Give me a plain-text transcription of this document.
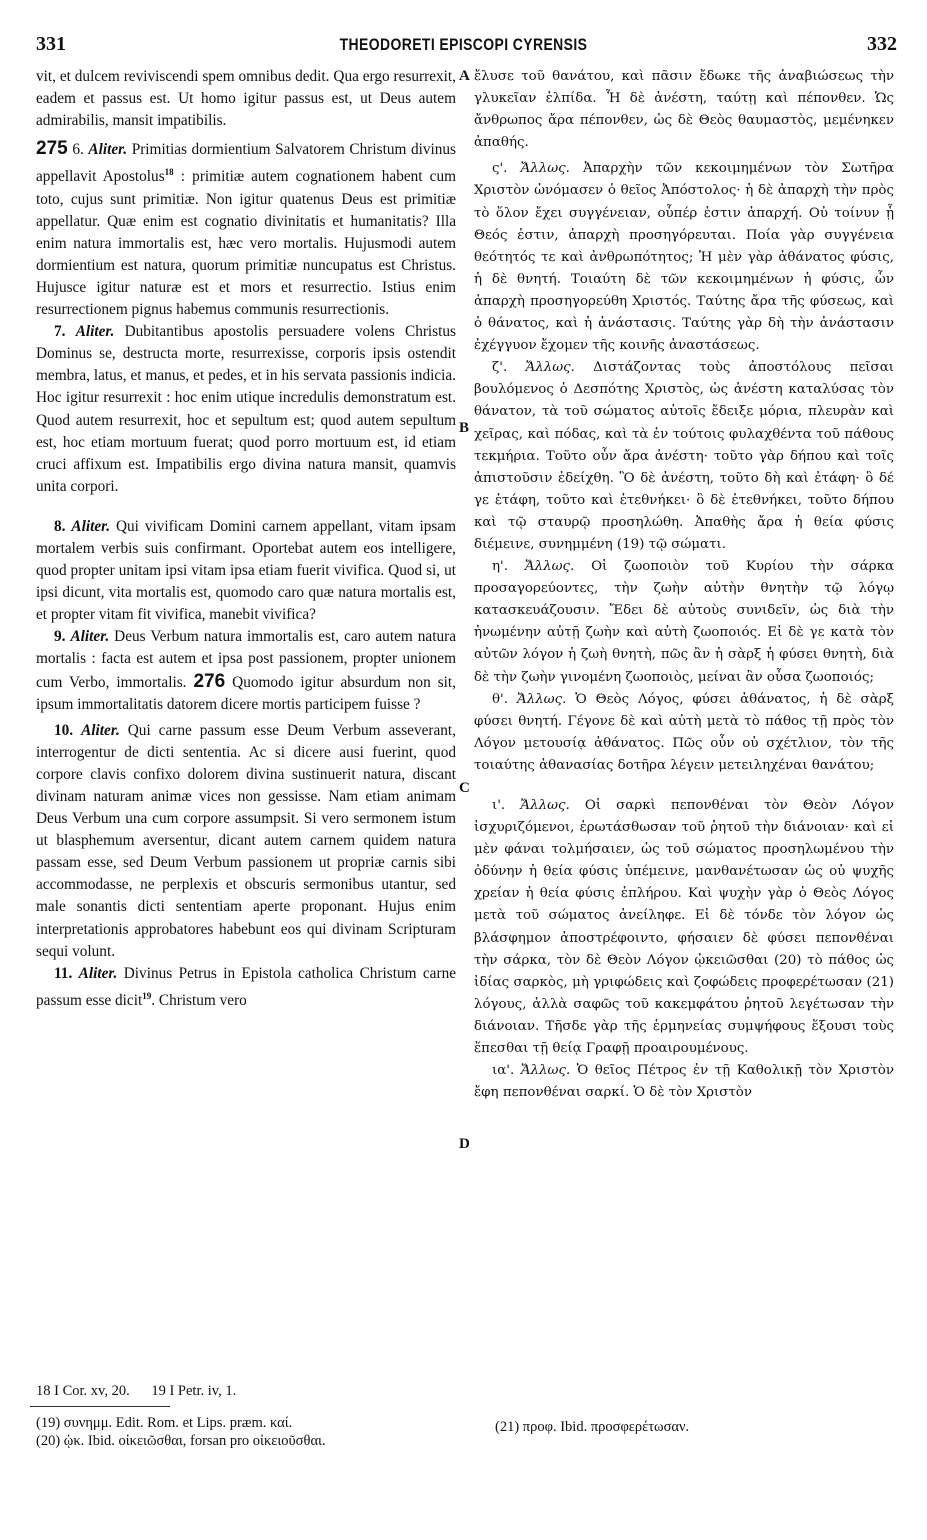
331	THEODORETI EPISCOPI CYRENSIS	332

vit, et dulcem reviviscendi spem omnibus dedit. Qua ergo resurrexit, eadem et passus est. Ut homo igitur passus est, ut Deus autem admirabilis, mansit impatibilis.

275 6. Aliter. Primitias dormientium Salvatorem Christum divinus appellavit Apostolus$^{18}$ : primitiæ autem cognationem habent cum toto, cujus sunt primitiæ. Non igitur quatenus Deus est primitiæ appellatur. Quæ enim est cognatio divinitatis et humanitatis? Illa enim natura immortalis est, hæc vero mortalis. Hujusmodi autem dormientium est natura, quorum primitiæ nuncupatus est Christus. Hujusce igitur naturæ est et mors et resurrectio. Istius enim resurrectionem pignus habemus communis resurrectionis.

7. Aliter. Dubitantibus apostolis persuadere volens Christus Dominus se, destructa morte, resurrexisse, corporis ipsis ostendit membra, latus, et manus, et pedes, et in his servata passionis indicia. Hoc igitur resurrexit : hoc enim utique incredulis demonstratum est. Quod autem resurrexit, hoc et sepultum est; quod autem sepultum est, hoc etiam mortuum fuerat; quod porro mortuum est, id etiam cruci affixum est. Impatibilis ergo divina natura mansit, quamvis unita corpori.

8. Aliter. Qui vivificam Domini carnem appellant, vitam ipsam mortalem verbis suis confirmant. Oportebat autem eos intelligere, quod propter unitam ipsi vitam ipsa etiam fuerit vivifica. Quod si, ut ipsi dicunt, vita mortalis est, quomodo caro quæ natura mortalis est, et propter vitam fit vivifica, manebit vivifica?

9. Aliter. Deus Verbum natura immortalis est, caro autem natura mortalis : facta est autem et ipsa post passionem, propter unionem cum Verbo, immortalis. 276 Quomodo igitur absurdum non sit, ipsum immortalitatis datorem dicere mortis participem fuisse ?

10. Aliter. Qui carne passum esse Deum Verbum asseverant, interrogentur de dicti sententia. Ac si dicere ausi fuerint, quod corpore clavis confixo dolorem divina sustinuerit natura, discant divinam naturam animæ vices non gessisse. Nam etiam animam Deus Verbum una cum corpore assumpsit. Si vero sermonem istum ut blasphemum aversentur, dicant autem carnem quidem natura passam esse, sed Deum Verbum passionem ut propriæ carnis sibi accommodasse, ne perplexis et obscuris sermonibus utantur, sed male sonantis dicti sententiam aperte proponant. Hujus enim interpretationis approbatores habebunt eos qui divinam Scripturam sequi volunt.

11. Aliter. Divinus Petrus in Epistola catholica Christum carne passum esse dicit$^{19}$. Christum vero

A
B
C
D

ἔλυσε τοῦ θανάτου, καὶ πᾶσιν ἔδωκε τῆς ἀναβιώσεως τὴν γλυκεῖαν ἐλπίδα. Ἧ δὲ ἀνέστη, ταύτῃ καὶ πέπονθεν. Ὡς ἄνθρωπος ἄρα πέπονθεν, ὡς δὲ Θεὸς θαυμαστὸς, μεμένηκεν ἀπαθής.

ς'. Ἄλλως. Ἀπαρχὴν τῶν κεκοιμημένων τὸν Σωτῆρα Χριστὸν ὠνόμασεν ὁ θεῖος Ἀπόστολος· ἡ δὲ ἀπαρχὴ τὴν πρὸς τὸ ὅλον ἔχει συγγένειαν, οὗπέρ ἐστιν ἀπαρχή. Οὐ τοίνυν ᾗ Θεός ἐστιν, ἀπαρχὴ προσηγόρευται. Ποία γὰρ συγγένεια θεότητός τε καὶ ἀνθρωπότητος; Ἡ μὲν γὰρ ἀθάνατος φύσις, ἡ δὲ θνητή. Τοιαύτη δὲ τῶν κεκοιμημένων ἡ φύσις, ὧν ἀπαρχὴ προσηγορεύθη Χριστός. Ταύτης ἄρα τῆς φύσεως, καὶ ὁ θάνατος, καὶ ἡ ἀνάστασις. Ταύτης γὰρ δὴ τὴν ἀνάστασιν ἐχέγγυον ἔχομεν τῆς κοινῆς ἀναστάσεως.

ζ'. Ἄλλως. Διστάζοντας τοὺς ἀποστόλους πεῖσαι βουλόμενος ὁ Δεσπότης Χριστὸς, ὡς ἀνέστη καταλύσας τὸν θάνατον, τὰ τοῦ σώματος αὐτοῖς ἔδειξε μόρια, πλευρὰν καὶ χεῖρας, καὶ πόδας, καὶ τὰ ἐν τούτοις φυλαχθέντα τοῦ πάθους τεκμήρια. Τοῦτο οὖν ἄρα ἀνέστη· τοῦτο γὰρ δήπου καὶ τοῖς ἀπιστοῦσιν ἐδείχθη. Ὃ δὲ ἀνέστη, τοῦτο δὴ καὶ ἐτάφη· ὃ δέ γε ἐτάφη, τοῦτο καὶ ἐτεθνήκει· ὃ δὲ ἐτεθνήκει, τοῦτο δήπου καὶ τῷ σταυρῷ προσηλώθη. Ἀπαθὴς ἄρα ἡ θεία φύσις διέμεινε, συνημμένη (19) τῷ σώματι.

η'. Ἄλλως. Οἱ ζωοποιὸν τοῦ Κυρίου τὴν σάρκα προσαγορεύοντες, τὴν ζωὴν αὐτὴν θνητὴν τῷ λόγῳ κατασκευάζουσιν. Ἔδει δὲ αὐτοὺς συνιδεῖν, ὡς διὰ τὴν ἡνωμένην αὐτῇ ζωὴν καὶ αὐτὴ ζωοποιός. Εἰ δὲ γε κατὰ τὸν αὐτῶν λόγον ἡ ζωὴ θνητὴ, πῶς ἂν ἡ σὰρξ ἡ φύσει θνητὴ, διὰ δὲ τὴν ζωὴν γινομένη ζωοποιὸς, μείναι ἂν οὖσα ζωοποιός;

θ'. Ἄλλως. Ὁ Θεὸς Λόγος, φύσει ἀθάνατος, ἡ δὲ σὰρξ φύσει θνητή. Γέγονε δὲ καὶ αὐτὴ μετὰ τὸ πάθος τῇ πρὸς τὸν Λόγον μετουσίᾳ ἀθάνατος. Πῶς οὖν οὐ σχέτλιον, τὸν τῆς τοιαύτης ἀθανασίας δοτῆρα λέγειν μετειληχέναι θανάτου;

ι'. Ἄλλως. Οἱ σαρκὶ πεπονθέναι τὸν Θεὸν Λόγον ἰσχυριζόμενοι, ἐρωτάσθωσαν τοῦ ῥητοῦ τὴν διάνοιαν· καὶ εἰ μὲν φάναι τολμήσαιεν, ὡς τοῦ σώματος προσηλωμένου τὴν ὀδύνην ἡ θεία φύσις ὑπέμεινε, μανθανέτωσαν ὡς οὐ ψυχῆς χρείαν ἡ θεία φύσις ἐπλήρου. Καὶ ψυχὴν γὰρ ὁ Θεὸς Λόγος μετὰ τοῦ σώματος ἀνείληφε. Εἰ δὲ τόνδε τὸν λόγον ὡς βλάσφημον ἀποστρέφοιντο, φήσαιεν δὲ φύσει πεπονθέναι τὴν σάρκα, τὸν δὲ Θεὸν Λόγον ᾠκειῶσθαι (20) τὸ πάθος ὡς ἰδίας σαρκὸς, μὴ γριφώδεις καὶ ζοφώδεις προφερέτωσαν (21) λόγους, ἀλλὰ σαφῶς τοῦ κακεμφάτου ῥητοῦ λεγέτωσαν τὴν διάνοιαν. Τῆσδε γὰρ τῆς ἑρμηνείας συμψήφους ἕξουσι τοὺς ἕπεσθαι τῇ θείᾳ Γραφῇ προαιρουμένους.

ια'. Ἄλλως. Ὁ θεῖος Πέτρος ἐν τῇ Καθολικῇ τὸν Χριστὸν ἔφη πεπονθέναι σαρκί. Ὁ δὲ τὸν Χριστὸν

18 I Cor. xv, 20. 19 I Petr. iv, 1.
(19) συνημμ. Edit. Rom. et Lips. præm. καί.
(20) ᾠκ. Ibid. οἰκειῶσθαι, forsan pro οἰκειοῦσθαι.
(21) προφ. Ibid. προσφερέτωσαν.
